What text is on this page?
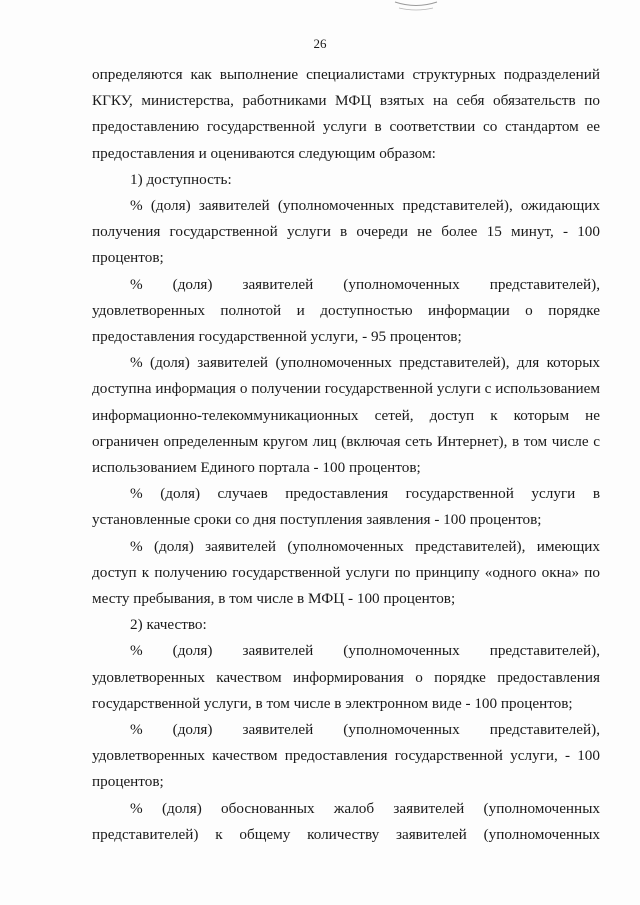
26

определяются как выполнение специалистами структурных подразделений КГКУ, министерства, работниками МФЦ взятых на себя обязательств по предоставлению государственной услуги в соответствии со стандартом ее предоставления и оцениваются следующим образом:

1) доступность:

% (доля) заявителей (уполномоченных представителей), ожидающих получения государственной услуги в очереди не более 15 минут, - 100 процентов;

% (доля) заявителей (уполномоченных представителей), удовлетворенных полнотой и доступностью информации о порядке предоставления государственной услуги, - 95 процентов;

% (доля) заявителей (уполномоченных представителей), для которых доступна информация о получении государственной услуги с использованием информационно-телекоммуникационных сетей, доступ к которым не ограничен определенным кругом лиц (включая сеть Интернет), в том числе с использованием Единого портала - 100 процентов;

% (доля) случаев предоставления государственной услуги в установленные сроки со дня поступления заявления - 100 процентов;

% (доля) заявителей (уполномоченных представителей), имеющих доступ к получению государственной услуги по принципу «одного окна» по месту пребывания, в том числе в МФЦ - 100 процентов;

2) качество:

% (доля) заявителей (уполномоченных представителей), удовлетворенных качеством информирования о порядке предоставления государственной услуги, в том числе в электронном виде - 100 процентов;

% (доля) заявителей (уполномоченных представителей), удовлетворенных качеством предоставления государственной услуги, - 100 процентов;

% (доля) обоснованных жалоб заявителей (уполномоченных представителей) к общему количеству заявителей (уполномоченных
